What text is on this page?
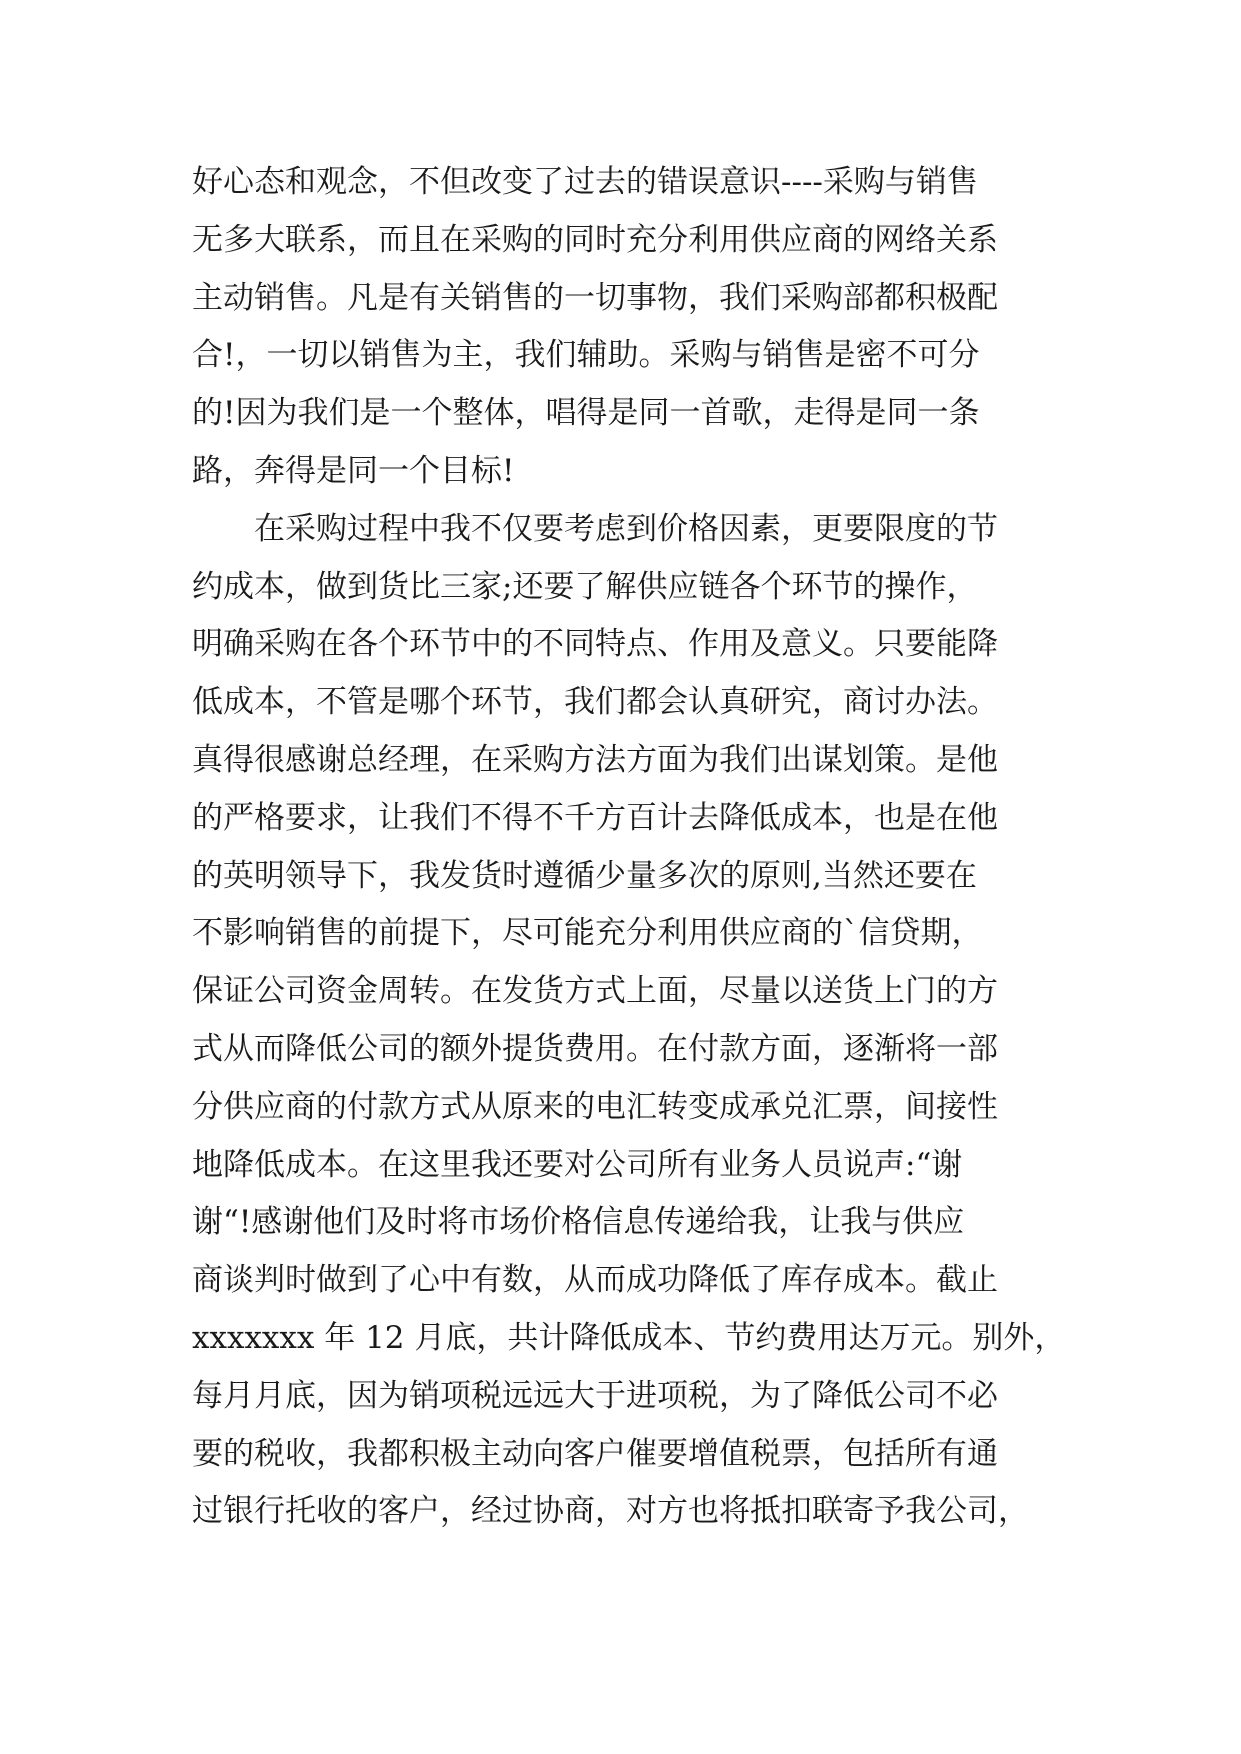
好心态和观念，不但改变了过去的错误意识----采购与销售
无多大联系，而且在采购的同时充分利用供应商的网络关系
主动销售。凡是有关销售的一切事物，我们采购部都积极配
合!，一切以销售为主，我们辅助。采购与销售是密不可分
的!因为我们是一个整体，唱得是同一首歌，走得是同一条
路，奔得是同一个目标!
　　在采购过程中我不仅要考虑到价格因素，更要限度的节
约成本，做到货比三家;还要了解供应链各个环节的操作，
明确采购在各个环节中的不同特点、作用及意义。只要能降
低成本，不管是哪个环节，我们都会认真研究，商讨办法。
真得很感谢总经理，在采购方法方面为我们出谋划策。是他
的严格要求，让我们不得不千方百计去降低成本，也是在他
的英明领导下，我发货时遵循少量多次的原则,当然还要在
不影响销售的前提下，尽可能充分利用供应商的`信贷期，
保证公司资金周转。在发货方式上面，尽量以送货上门的方
式从而降低公司的额外提货费用。在付款方面，逐渐将一部
分供应商的付款方式从原来的电汇转变成承兑汇票，间接性
地降低成本。在这里我还要对公司所有业务人员说声:“谢
谢“!感谢他们及时将市场价格信息传递给我，让我与供应
商谈判时做到了心中有数，从而成功降低了库存成本。截止
xxxxxxx 年 12 月底，共计降低成本、节约费用达万元。别外，
每月月底，因为销项税远远大于进项税，为了降低公司不必
要的税收，我都积极主动向客户催要增值税票，包括所有通
过银行托收的客户，经过协商，对方也将抵扣联寄予我公司，
